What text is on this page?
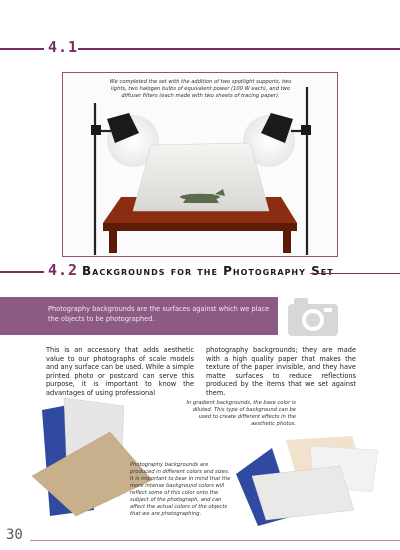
4.1
We completed the set with the addition of two spotlight supports, two lights, two halogen bulbs of equivalent power (100 W each), and two diffuser filters (each made with two sheets of tracing paper).
4.2 Backgrounds for the Photography Set
Photography backgrounds are the surfaces against which we place the objects to be photographed.
This is an accessory that adds aesthetic value to our photographs of scale models and any surface can be used. While a simple printed photo or postcard can serve this purpose, it is important to know the advantages of using professional
photography backgrounds; they are made with a high quality paper that makes the texture of the paper invisible, and they have matte surfaces to reduce reflections produced by the items that we set against them.
In gradient backgrounds, the base color is diluted. This type of background can be used to create different effects in the aesthetic photos.
Photography backgrounds are produced in different colors and sizes. It is important to bear in mind that the more intense background colors will reflect some of this color onto the subject of the photograph, and can affect the actual colors of the objects that we are photographing.
30
